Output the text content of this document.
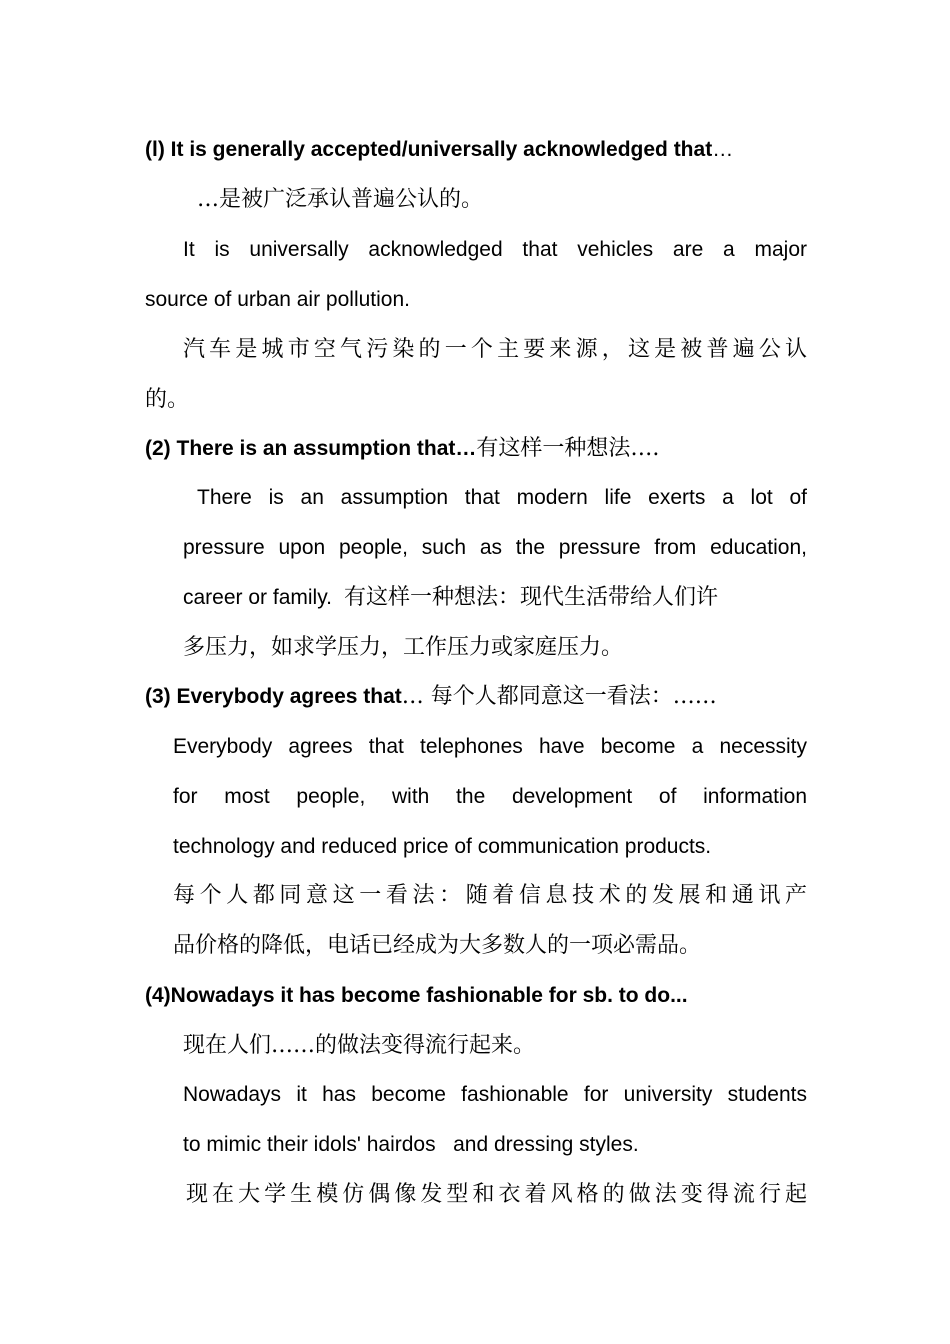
(l) It is generally accepted/universally acknowledged that…
…是被广泛承认普遍公认的。
It is universally acknowledged that vehicles are a major
source of urban air pollution.
汽车是城市空气污染的一个主要来源，这是被普遍公认
的。
(2) There is an assumption that…有这样一种想法….
There is an assumption that modern life exerts a lot of
pressure upon people, such as the pressure from education,
career or family. 有这样一种想法：现代生活带给人们许
多压力，如求学压力，工作压力或家庭压力。
(3) Everybody agrees that… 每个人都同意这一看法：……
Everybody agrees that telephones have become a necessity
for most people, with the development of information
technology and reduced price of communication products.
每个人都同意这一看法：随着信息技术的发展和通讯产
品价格的降低，电话已经成为大多数人的一项必需品。
(4)Nowadays it has become fashionable for sb. to do...
现在人们……的做法变得流行起来。
Nowadays it has become fashionable for university students
to mimic their idols' hairdos   and dressing styles.
现在大学生模仿偶像发型和衣着风格的做法变得流行起
